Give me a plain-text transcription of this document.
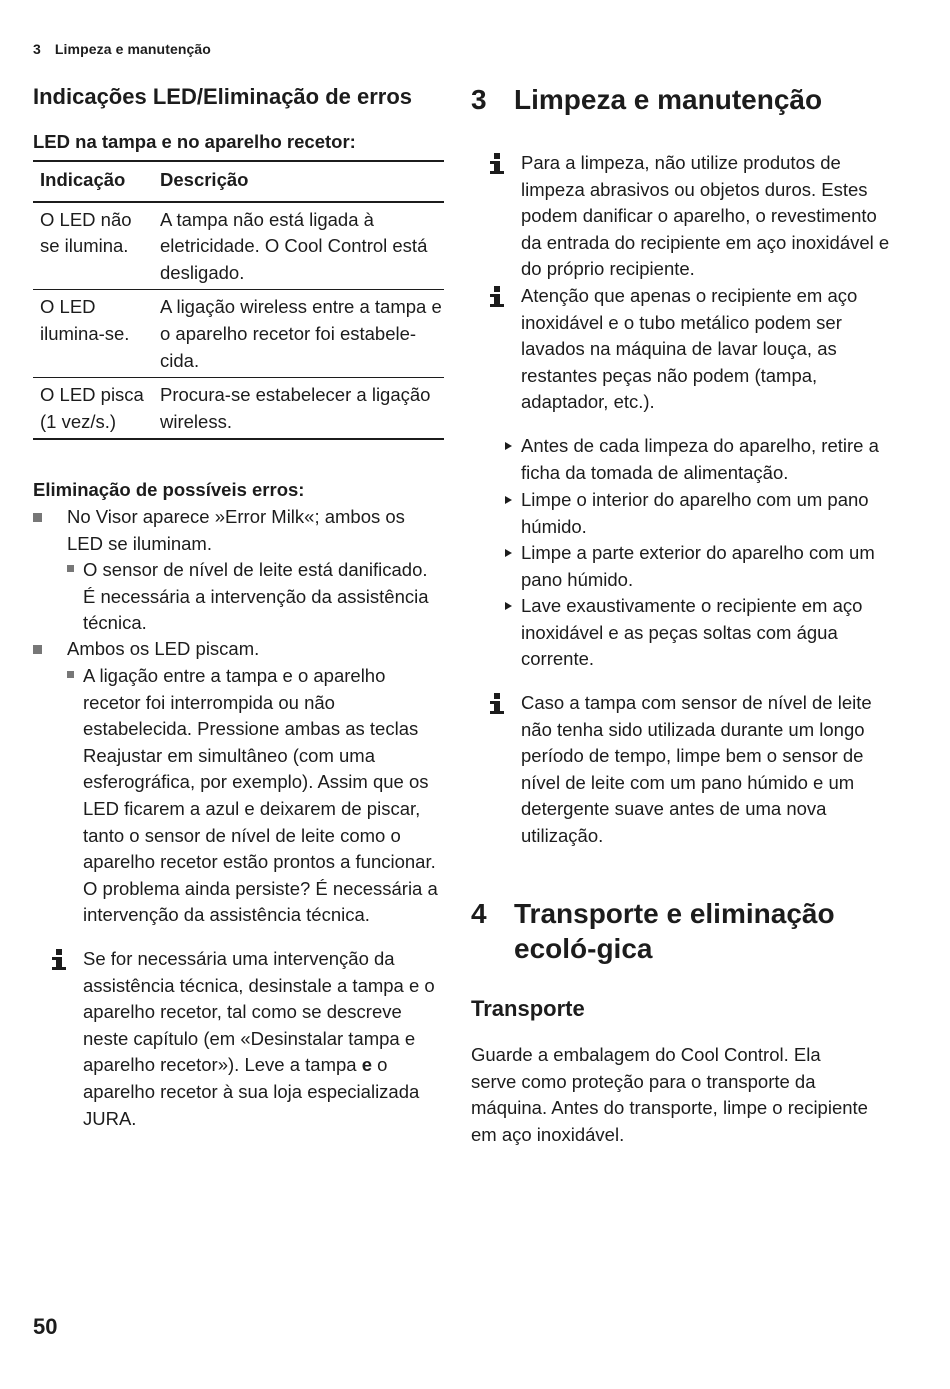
3 Limpeza e manutenção
Indicações LED/Eliminação de erros
LED na tampa e no aparelho recetor:
Indicação	Descrição
O LED não se ilumina.	A tampa não está ligada à eletricidade. O Cool Control está desligado.
O LED ilumina-se.	A ligação wireless entre a tampa e o aparelho recetor foi estabele-cida.
O LED pisca (1 vez/s.)	Procura-se estabelecer a ligação wireless.
Eliminação de possíveis erros:
No Visor aparece »Error Milk«; ambos os LED se iluminam.
O sensor de nível de leite está danificado. É necessária a intervenção da assistência técnica.
Ambos os LED piscam.
A ligação entre a tampa e o aparelho recetor foi interrompida ou não estabelecida. Pressione ambas as teclas Reajustar em simultâneo (com uma esferográfica, por exemplo). Assim que os LED ficarem a azul e deixarem de piscar, tanto o sensor de nível de leite como o aparelho recetor estão prontos a funcionar. O problema ainda persiste? É necessária a intervenção da assistência técnica.
Se for necessária uma intervenção da assistência técnica, desinstale a tampa e o aparelho recetor, tal como se descreve neste capítulo (em «Desinstalar tampa e aparelho recetor»). Leve a tampa e o aparelho recetor à sua loja especializada JURA.
3 Limpeza e manutenção
Para a limpeza, não utilize produtos de limpeza abrasivos ou objetos duros. Estes podem danificar o aparelho, o revestimento da entrada do recipiente em aço inoxidável e do próprio recipiente.
Atenção que apenas o recipiente em aço inoxidável e o tubo metálico podem ser lavados na máquina de lavar louça, as restantes peças não podem (tampa, adaptador, etc.).
Antes de cada limpeza do aparelho, retire a ficha da tomada de alimentação.
Limpe o interior do aparelho com um pano húmido.
Limpe a parte exterior do aparelho com um pano húmido.
Lave exaustivamente o recipiente em aço inoxidável e as peças soltas com água corrente.
Caso a tampa com sensor de nível de leite não tenha sido utilizada durante um longo período de tempo, limpe bem o sensor de nível de leite com um pano húmido e um detergente suave antes de uma nova utilização.
4 Transporte e eliminação ecoló-gica
Transporte
Guarde a embalagem do Cool Control. Ela serve como proteção para o transporte da máquina. Antes do transporte, limpe o recipiente em aço inoxidável.
50
